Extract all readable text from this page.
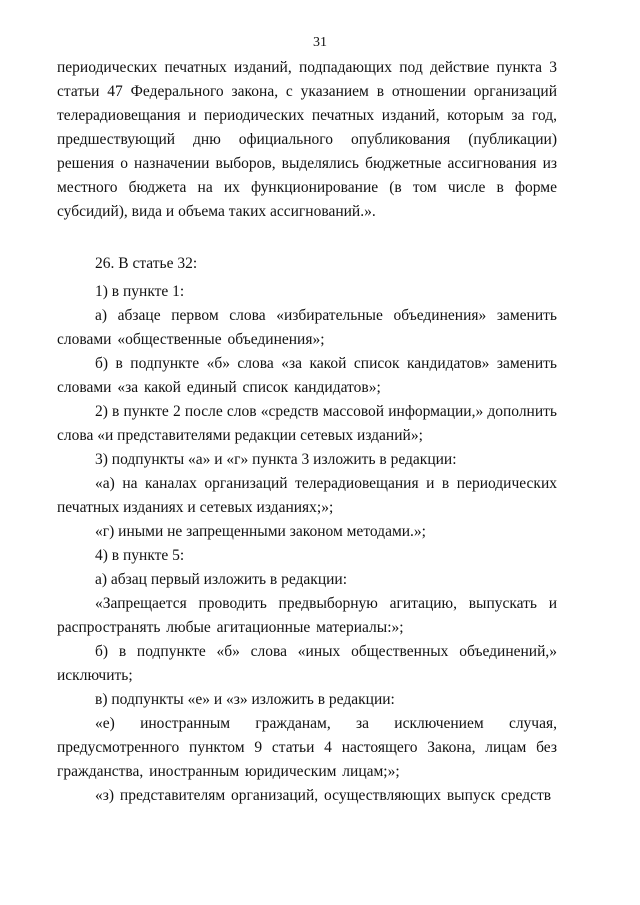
31

периодических печатных изданий, подпадающих под действие пункта 3 статьи 47 Федерального закона, с указанием в отношении организаций телерадиовещания и периодических печатных изданий, которым за год, предшествующий дню официального опубликования (публикации) решения о назначении выборов, выделялись бюджетные ассигнования из местного бюджета на их функционирование (в том числе в форме субсидий), вида и объема таких ассигнований.».

26. В статье 32:

1) в пункте 1:

а) абзаце первом слова «избирательные объединения» заменить словами «общественные объединения»;

б) в подпункте «б» слова «за какой список кандидатов» заменить словами «за какой единый список кандидатов»;

2) в пункте 2 после слов «средств массовой информации,» дополнить слова «и представителями редакции сетевых изданий»;

3) подпункты «а» и «г» пункта 3 изложить в редакции:

«а) на каналах организаций телерадиовещания и в периодических печатных изданиях и сетевых изданиях;»;

«г) иными не запрещенными законом методами.»;

4) в пункте 5:

а) абзац первый изложить в редакции:

«Запрещается проводить предвыборную агитацию, выпускать и распространять любые агитационные материалы:»;

б) в подпункте «б» слова «иных общественных объединений,» исключить;

в) подпункты «е» и «з» изложить в редакции:

«е) иностранным гражданам, за исключением случая, предусмотренного пунктом 9 статьи 4 настоящего Закона, лицам без гражданства, иностранным юридическим лицам;»;

«з) представителям организаций, осуществляющих выпуск средств
